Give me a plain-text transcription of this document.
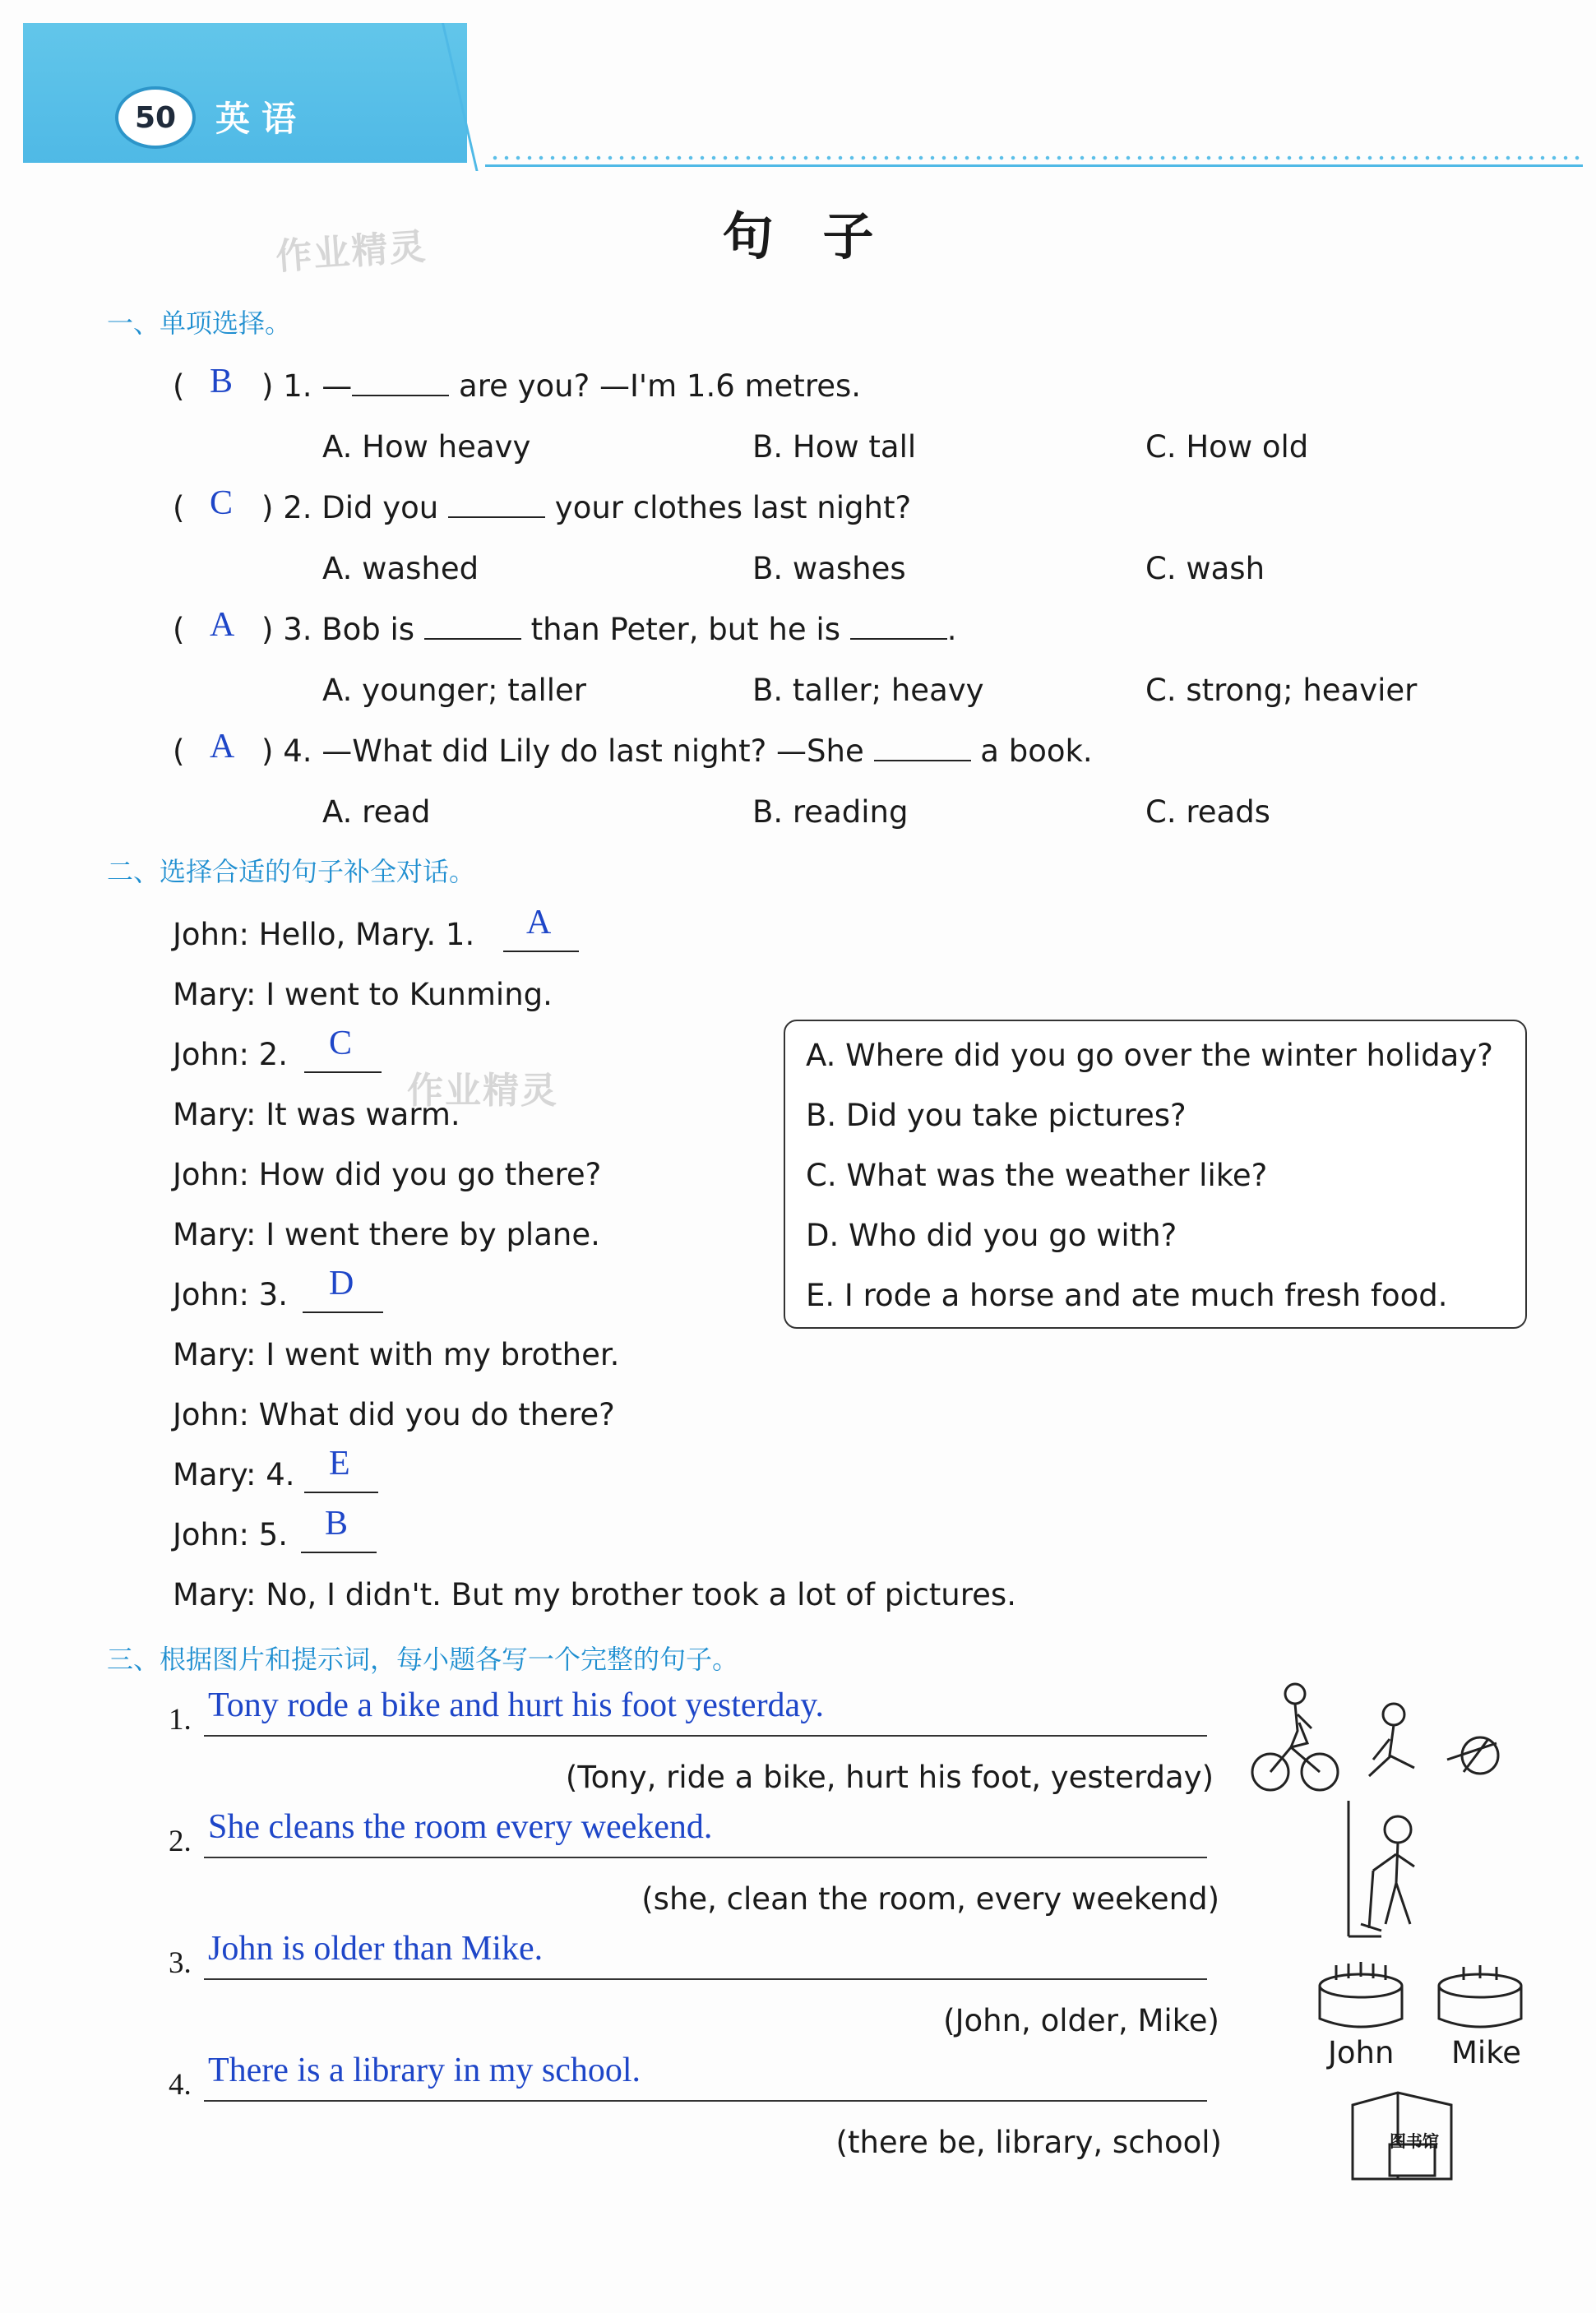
50	英语
句子
作业精灵
一、单项选择。
( B ) 1. —	are you? —I'm 1.6 metres.
A. How heavy	B. How tall	C. How old
( C ) 2. Did you	your clothes last night?
A. washed	B. washes	C. wash
( A ) 3. Bob is	than Peter, but he is	.
A. younger; taller	B. taller; heavy	C. strong; heavier
( A ) 4. —What did Lily do last night? —She	a book.
A. read	B. reading	C. reads
二、选择合适的句子补全对话。
John: Hello, Mary. 1. A
Mary: I went to Kunming.
John: 2. C
作业精灵
Mary: It was warm.
John: How did you go there?
Mary: I went there by plane.
John: 3. D
Mary: I went with my brother.
John: What did you do there?
Mary: 4. E
John: 5. B
Mary: No, I didn't. But my brother took a lot of pictures.
A. Where did you go over the winter holiday?
B. Did you take pictures?
C. What was the weather like?
D. Who did you go with?
E. I rode a horse and ate much fresh food.
三、根据图片和提示词，每小题各写一个完整的句子。
1. Tony rode a bike and hurt his foot yesterday.
(Tony, ride a bike, hurt his foot, yesterday)
2. She cleans the room every weekend.
(she, clean the room, every weekend)
3. John is older than Mike.
(John, older, Mike)
4. There is a library in my school.
(there be, library, school)
John Mike
图书馆
